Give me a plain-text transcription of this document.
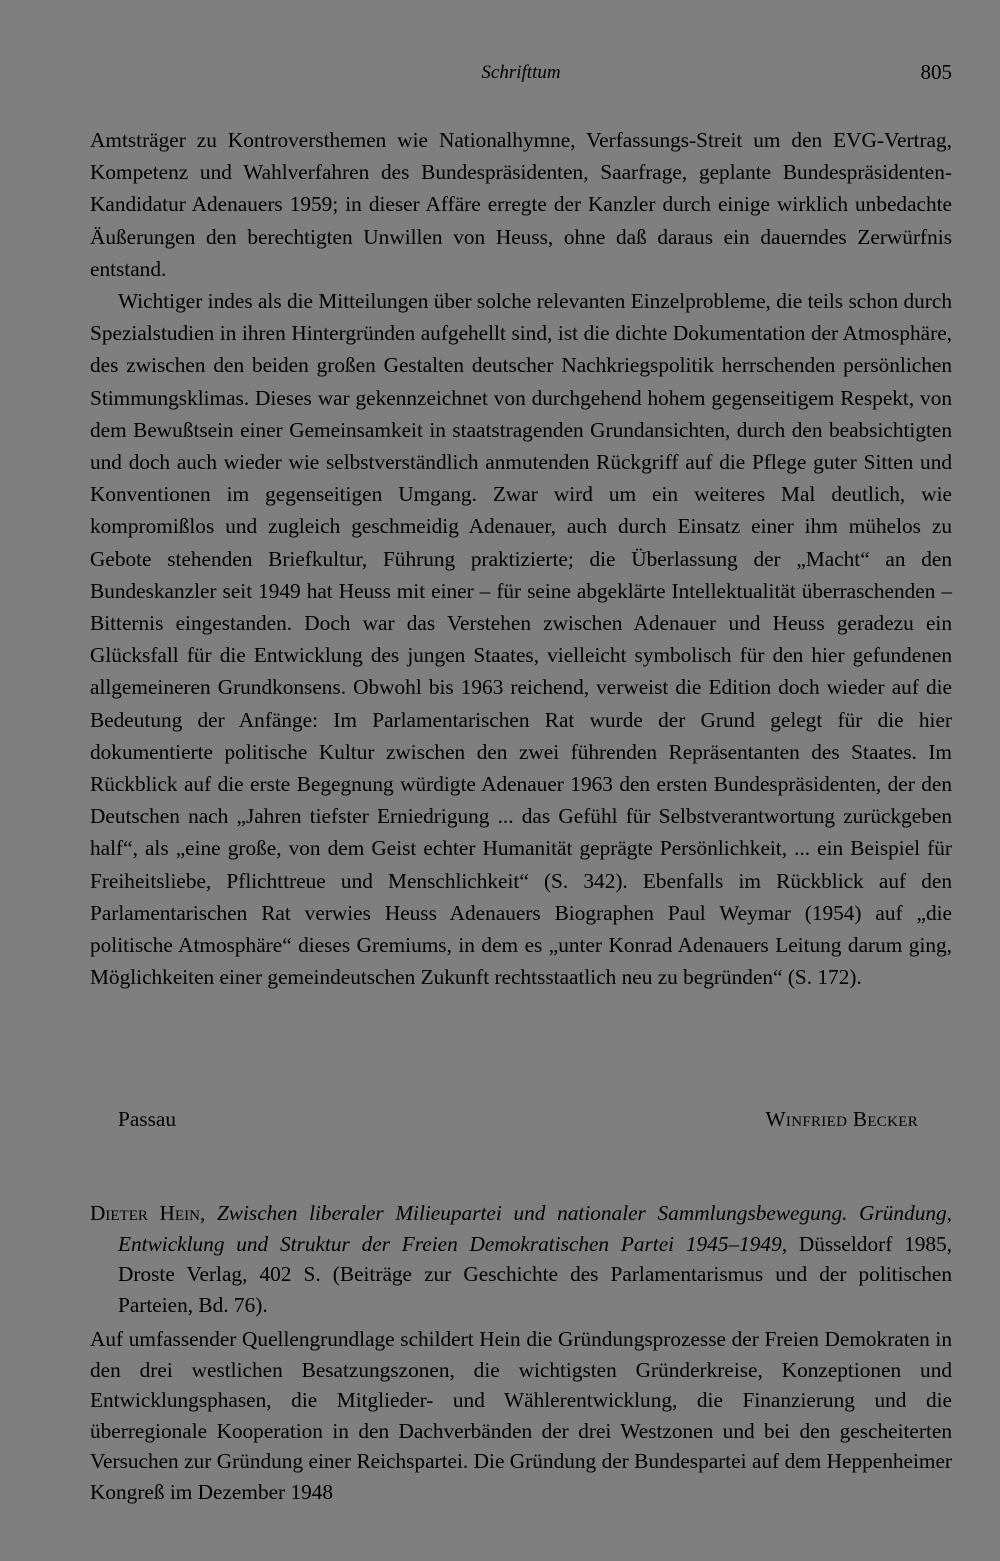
Schrifttum	805

Amtsträger zu Kontroversthemen wie Nationalhymne, Verfassungs-Streit um den EVG-Vertrag, Kompetenz und Wahlverfahren des Bundespräsidenten, Saarfrage, geplante Bundespräsidenten-Kandidatur Adenauers 1959; in dieser Affäre erregte der Kanzler durch einige wirklich unbedachte Äußerungen den berechtigten Unwillen von Heuss, ohne daß daraus ein dauerndes Zerwürfnis entstand.

Wichtiger indes als die Mitteilungen über solche relevanten Einzelprobleme, die teils schon durch Spezialstudien in ihren Hintergründen aufgehellt sind, ist die dichte Dokumentation der Atmosphäre, des zwischen den beiden großen Gestalten deutscher Nachkriegspolitik herrschenden persönlichen Stimmungsklimas. Dieses war gekennzeichnet von durchgehend hohem gegenseitigem Respekt, von dem Bewußtsein einer Gemeinsamkeit in staatstragenden Grundansichten, durch den beabsichtigten und doch auch wieder wie selbstverständlich anmutenden Rückgriff auf die Pflege guter Sitten und Konventionen im gegenseitigen Umgang. Zwar wird um ein weiteres Mal deutlich, wie kompromißlos und zugleich geschmeidig Adenauer, auch durch Einsatz einer ihm mühelos zu Gebote stehenden Briefkultur, Führung praktizierte; die Überlassung der „Macht“ an den Bundeskanzler seit 1949 hat Heuss mit einer – für seine abgeklärte Intellektualität überraschenden – Bitternis eingestanden. Doch war das Verstehen zwischen Adenauer und Heuss geradezu ein Glücksfall für die Entwicklung des jungen Staates, vielleicht symbolisch für den hier gefundenen allgemeineren Grundkonsens. Obwohl bis 1963 reichend, verweist die Edition doch wieder auf die Bedeutung der Anfänge: Im Parlamentarischen Rat wurde der Grund gelegt für die hier dokumentierte politische Kultur zwischen den zwei führenden Repräsentanten des Staates. Im Rückblick auf die erste Begegnung würdigte Adenauer 1963 den ersten Bundespräsidenten, der den Deutschen nach „Jahren tiefster Erniedrigung ... das Gefühl für Selbstverantwortung zurückgeben half“, als „eine große, von dem Geist echter Humanität geprägte Persönlichkeit, ... ein Beispiel für Freiheitsliebe, Pflichttreue und Menschlichkeit“ (S. 342). Ebenfalls im Rückblick auf den Parlamentarischen Rat verwies Heuss Adenauers Biographen Paul Weymar (1954) auf „die politische Atmosphäre“ dieses Gremiums, in dem es „unter Konrad Adenauers Leitung darum ging, Möglichkeiten einer gemeindeutschen Zukunft rechtsstaatlich neu zu begründen“ (S. 172).

Passau	Winfried Becker

Dieter Hein, Zwischen liberaler Milieupartei und nationaler Sammlungsbewegung. Gründung, Entwicklung und Struktur der Freien Demokratischen Partei 1945–1949, Düsseldorf 1985, Droste Verlag, 402 S. (Beiträge zur Geschichte des Parlamentarismus und der politischen Parteien, Bd. 76).

Auf umfassender Quellengrundlage schildert Hein die Gründungsprozesse der Freien Demokraten in den drei westlichen Besatzungszonen, die wichtigsten Gründerkreise, Konzeptionen und Entwicklungsphasen, die Mitglieder- und Wählerentwicklung, die Finanzierung und die überregionale Kooperation in den Dachverbänden der drei Westzonen und bei den gescheiterten Versuchen zur Gründung einer Reichspartei. Die Gründung der Bundespartei auf dem Heppenheimer Kongreß im Dezember 1948
